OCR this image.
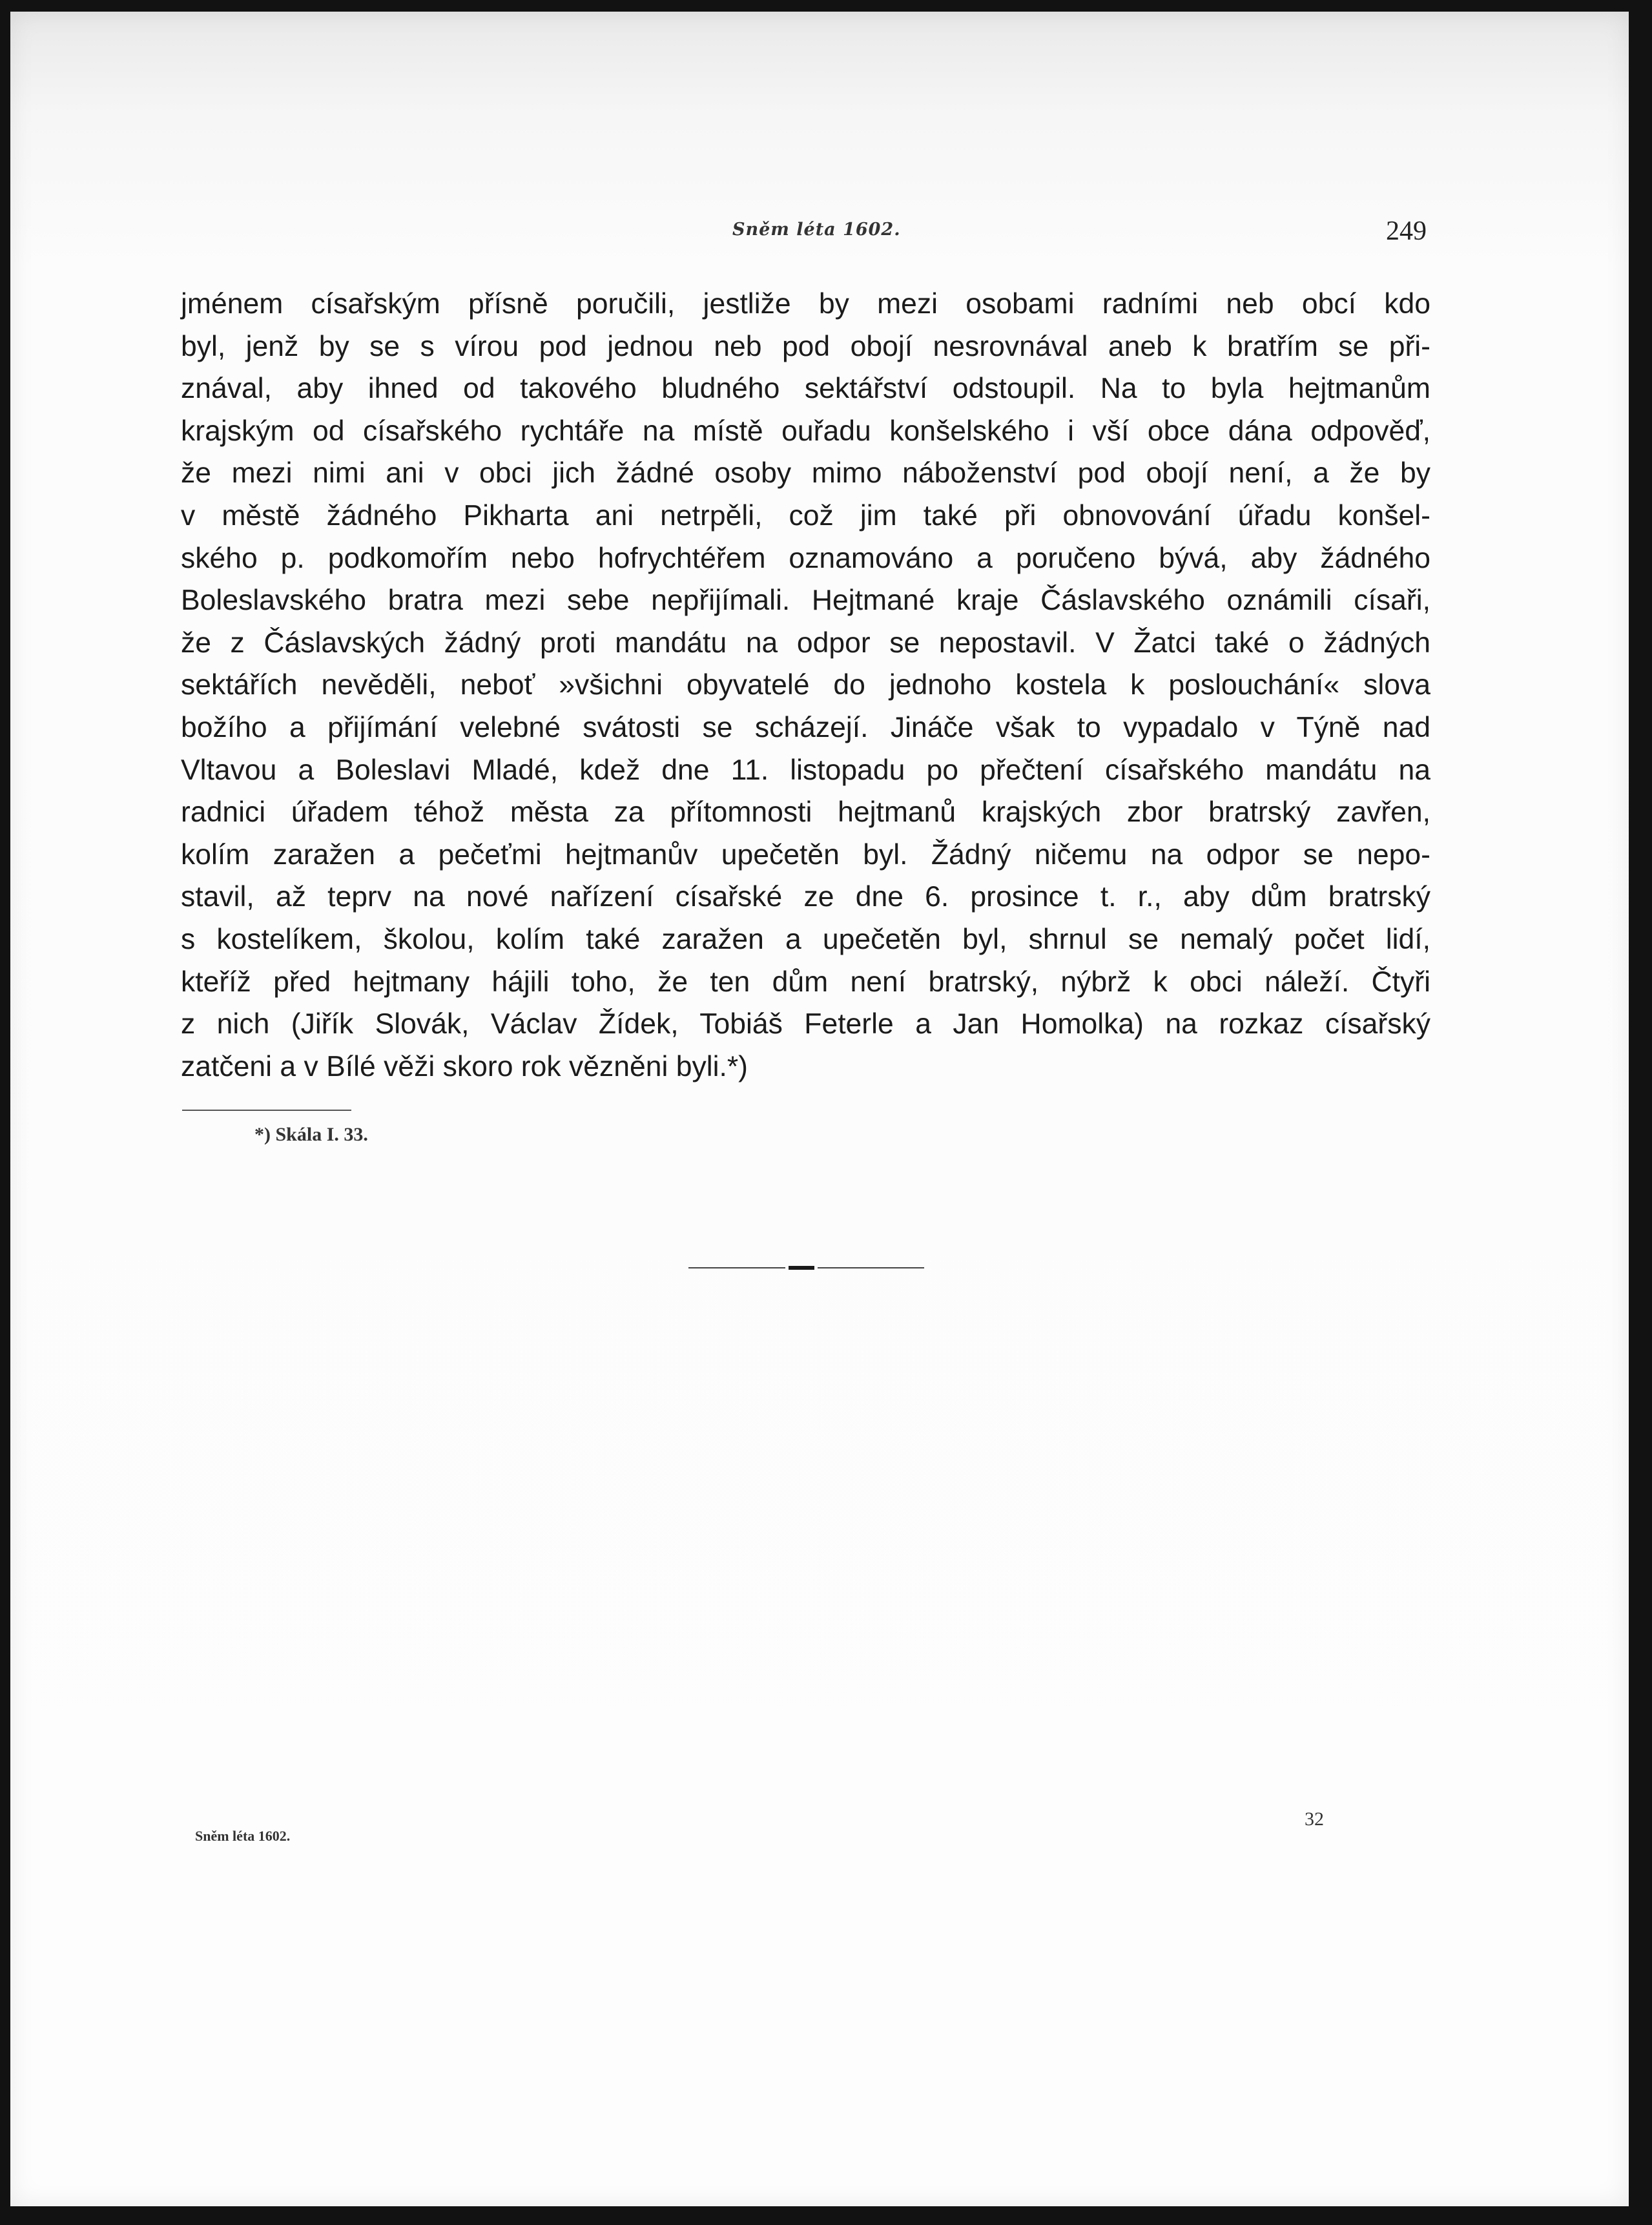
Sněm léta 1602.	249
jménem císařským přísně poručili, jestliže by mezi osobami radními neb obcí kdo
byl, jenž by se s vírou pod jednou neb pod obojí nesrovnával aneb k bratřím se při-
znával, aby ihned od takového bludného sektářství odstoupil. Na to byla hejtmanům
krajským od císařského rychtáře na místě ouřadu konšelského i vší obce dána odpověď,
že mezi nimi ani v obci jich žádné osoby mimo náboženství pod obojí není, a že by
v městě žádného Pikharta ani netrpěli, což jim také při obnovování úřadu konšel-
ského p. podkomořím nebo hofrychtéřem oznamováno a poručeno bývá, aby žádného
Boleslavského bratra mezi sebe nepřijímali. Hejtmané kraje Čáslavského oznámili císaři,
že z Čáslavských žádný proti mandátu na odpor se nepostavil. V Žatci také o žádných
sektářích nevěděli, neboť »všichni obyvatelé do jednoho kostela k poslouchání« slova
božího a přijímání velebné svátosti se scházejí. Jináče však to vypadalo v Týně nad
Vltavou a Boleslavi Mladé, kdež dne 11. listopadu po přečtení císařského mandátu na
radnici úřadem téhož města za přítomnosti hejtmanů krajských zbor bratrský zavřen,
kolím zaražen a pečeťmi hejtmanův upečetěn byl. Žádný ničemu na odpor se nepo-
stavil, až teprv na nové nařízení císařské ze dne 6. prosince t. r., aby dům bratrský
s kostelíkem, školou, kolím také zaražen a upečetěn byl, shrnul se nemalý počet lidí,
kteříž před hejtmany hájili toho, že ten dům není bratrský, nýbrž k obci náleží. Čtyři
z nich (Jiřík Slovák, Václav Žídek, Tobiáš Feterle a Jan Homolka) na rozkaz císařský
zatčeni a v Bílé věži skoro rok vězněni byli.*)
*) Skála I. 33.
Sněm léta 1602.
32
